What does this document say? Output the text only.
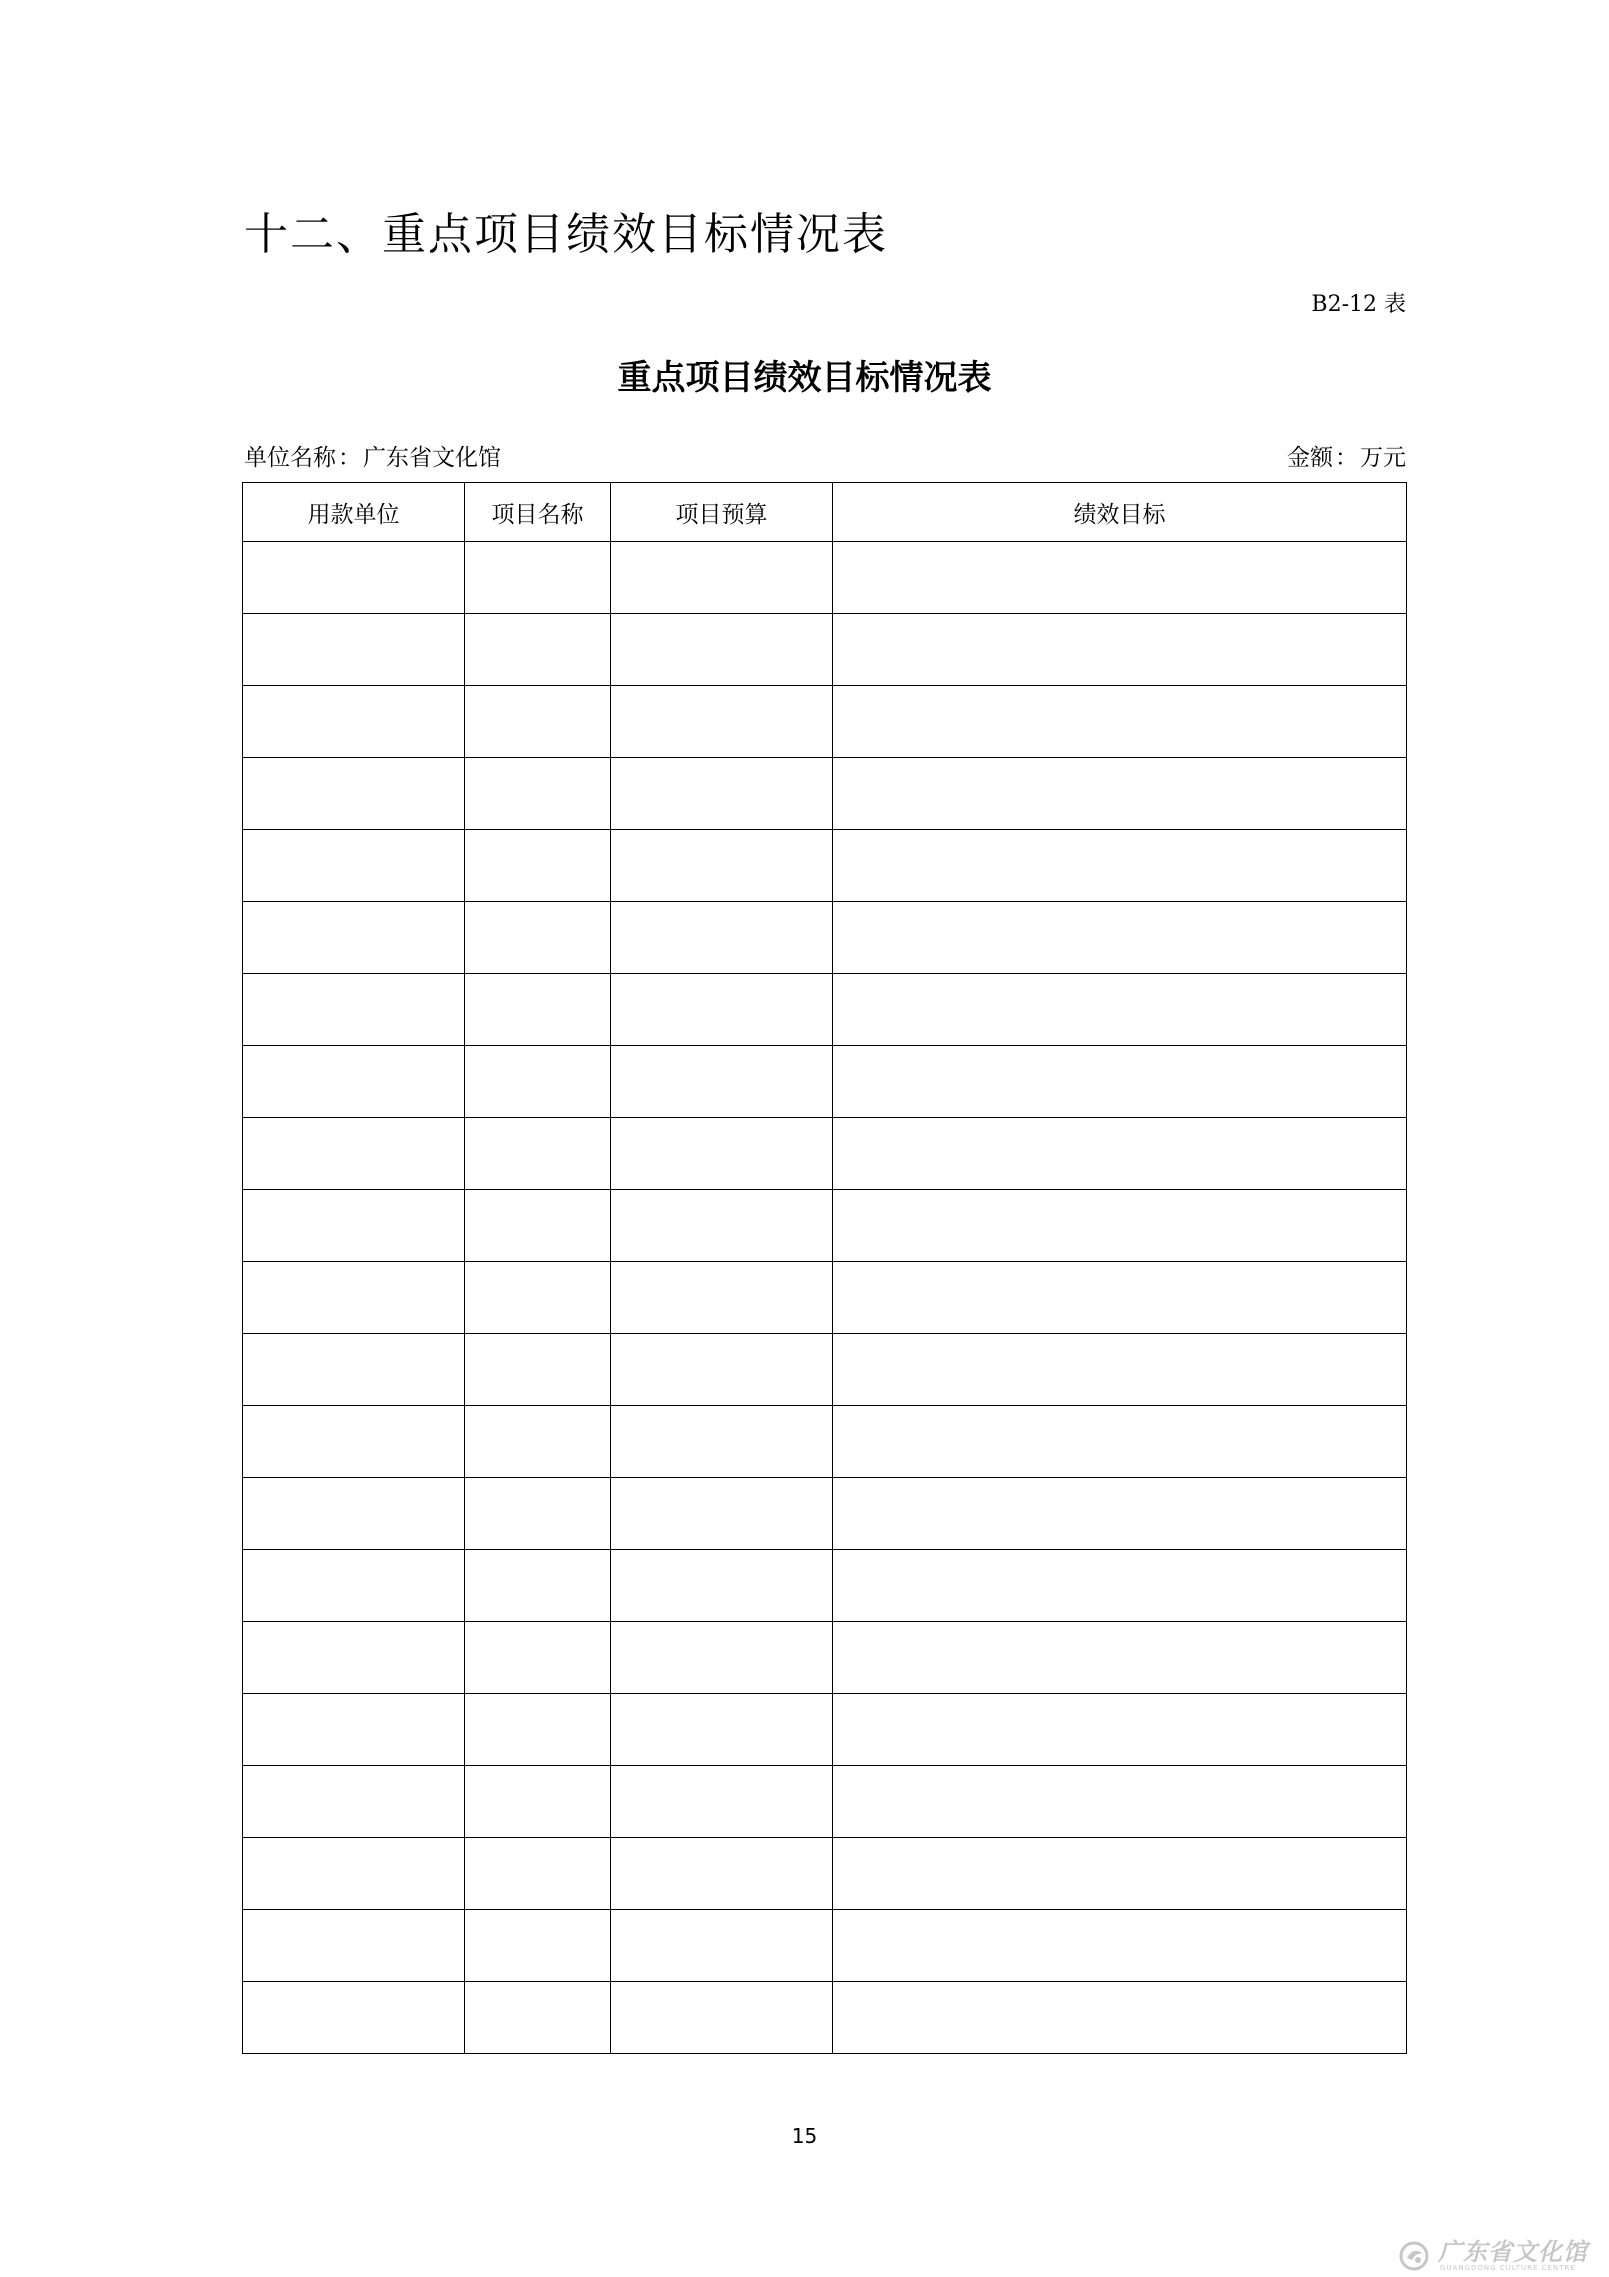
十二、重点项目绩效目标情况表
B2-12 表
重点项目绩效目标情况表
单位名称：广东省文化馆	金额：万元
用款单位	项目名称	项目预算	绩效目标

15
广东省文化馆
GUANGDONG CULTURE CENTRE
